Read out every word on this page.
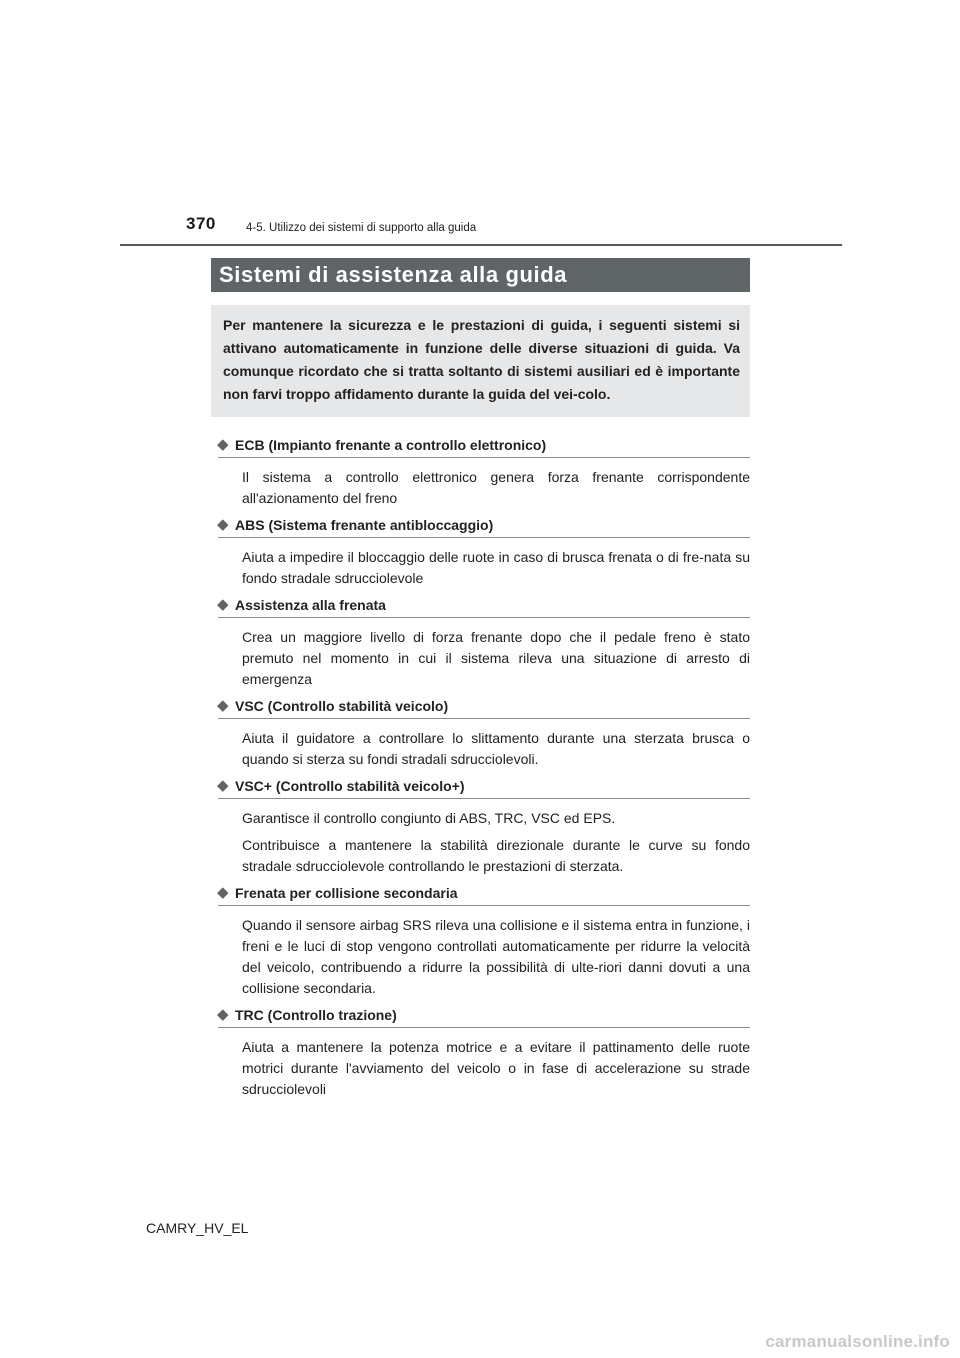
370	4-5. Utilizzo dei sistemi di supporto alla guida
Sistemi di assistenza alla guida
Per mantenere la sicurezza e le prestazioni di guida, i seguenti sistemi si attivano automaticamente in funzione delle diverse situazioni di guida. Va comunque ricordato che si tratta soltanto di sistemi ausiliari ed è importante non farvi troppo affidamento durante la guida del vei-colo.
◆ ECB (Impianto frenante a controllo elettronico)
Il sistema a controllo elettronico genera forza frenante corrispondente all'azionamento del freno
◆ ABS (Sistema frenante antibloccaggio)
Aiuta a impedire il bloccaggio delle ruote in caso di brusca frenata o di fre-nata su fondo stradale sdrucciolevole
◆ Assistenza alla frenata
Crea un maggiore livello di forza frenante dopo che il pedale freno è stato premuto nel momento in cui il sistema rileva una situazione di arresto di emergenza
◆ VSC (Controllo stabilità veicolo)
Aiuta il guidatore a controllare lo slittamento durante una sterzata brusca o quando si sterza su fondi stradali sdrucciolevoli.
◆ VSC+ (Controllo stabilità veicolo+)
Garantisce il controllo congiunto di ABS, TRC, VSC ed EPS.
Contribuisce a mantenere la stabilità direzionale durante le curve su fondo stradale sdrucciolevole controllando le prestazioni di sterzata.
◆ Frenata per collisione secondaria
Quando il sensore airbag SRS rileva una collisione e il sistema entra in funzione, i freni e le luci di stop vengono controllati automaticamente per ridurre la velocità del veicolo, contribuendo a ridurre la possibilità di ulte-riori danni dovuti a una collisione secondaria.
◆ TRC (Controllo trazione)
Aiuta a mantenere la potenza motrice e a evitare il pattinamento delle ruote motrici durante l'avviamento del veicolo o in fase di accelerazione su strade sdrucciolevoli
CAMRY_HV_EL
carmanualsonline.info
